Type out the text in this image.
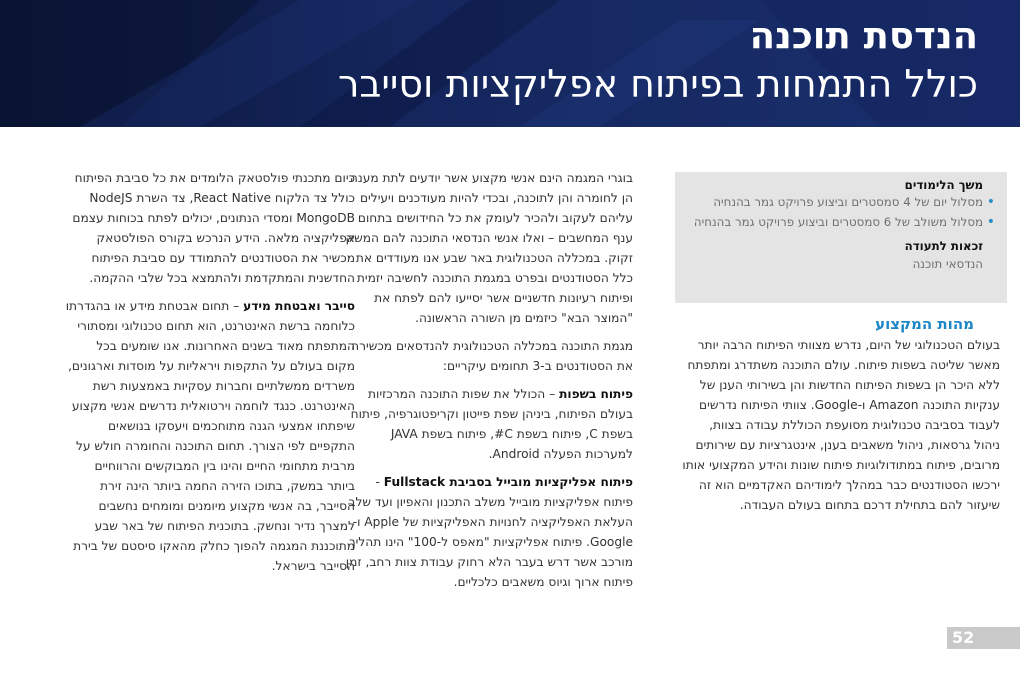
הנדסת תוכנה
כולל התמחות בפיתוח אפליקציות וסייבר
משך הלימודים
•
מסלול יום של 4 סמסטרים וביצוע פרויקט גמר בהנחיה
•
מסלול משולב של 6 סמסטרים וביצוע פרויקט גמר בהנחיה
זכאות לתעודה
הנדסאי תוכנה
מהות המקצוע

בעולם הטכנולוגי של היום, נדרש מצוותי הפיתוח הרבה יותר מאשר שליטה בשפות פיתוח. עולם התוכנה משתדרג ומתפתח ללא היכר הן בשפות הפיתוח החדשות והן בשירותי הענן של ענקיות התוכנה Amazon ו-Google. צוותי הפיתוח נדרשים לעבוד בסביבה טכנולוגית מסועפת הכוללת עבודה בצוות, ניהול גרסאות, ניהול משאבים בענן, אינטגרציות עם שירותים מרובים, פיתוח במתודולוגיות פיתוח שונות והידע המקצועי אותו ירכשו הסטודנטים כבר במהלך לימודיהם האקדמיים הוא זה שיעזור להם בתחילת דרכם בתחום בעולם העבודה.

בוגרי המגמה הינם אנשי מקצוע אשר יודעים לתת מענה הן לחומרה והן לתוכנה, ובכדי להיות מעודכנים ויעילים עליהם לעקוב ולהכיר לעומק את כל החידושים בתחום ענף המחשבים – ואלו אנשי הנדסאי התוכנה להם המשק זקוק. במכללה הטכנולוגית באר שבע אנו מעודדים את כלל הסטודנטים ובפרט במגמת התוכנה לחשיבה יזמית ופיתוח רעיונות חדשניים אשר יסייעו להם לפתח את "המוצר הבא" כיזמים מן השורה הראשונה.

מגמת התוכנה במכללה הטכנולוגית להנדסאים מכשירה את הסטודנטים ב-3 תחומים עיקריים:

פיתוח בשפות – הכולל את שפות התוכנה המרכזיות בעולם הפיתוח, ביניהן שפת פייטון וקריפטוגרפיה, פיתוח בשפת C, פיתוח בשפת C#, פיתוח בשפת JAVA למערכות הפעלה Android.

פיתוח אפליקציות מובייל בסביבת Fullstack - פיתוח אפליקציות מובייל משלב התכנון והאפיון ועד שלב העלאת האפליקציה לחנויות האפליקציות של Apple ו-Google. פיתוח אפליקציות "מאפס ל-100" הינו תהליך מורכב אשר דרש בעבר הלא רחוק עבודת צוות רחב, זמן פיתוח ארוך וגיוס משאבים כלכליים.

כיום מתכנתי פולסטאק הלומדים את כל סביבת הפיתוח כולל צד הלקוח React Native, צד השרת NodeJS MongoDB ומסדי הנתונים, יכולים לפתח בכוחות עצמם אפליקציה מלאה. הידע הנרכש בקורס הפולסטאק מכשיר את הסטודנטים להתמודד עם סביבת הפיתוח החדשנית והמתקדמת ולהתמצא בכל שלבי ההקמה.

סייבר ואבטחת מידע – תחום אבטחת מידע או בהגדרתו כלוחמה ברשת האינטרנט, הוא תחום טכנולוגי ומסתורי המתפתח מאוד בשנים האחרונות. אנו שומעים בכל מקום בעולם על התקפות ויראליות על מוסדות וארגונים, משרדים ממשלתיים וחברות עסקיות באמצעות רשת האינטרנט. כנגד לוחמה וירטואלית נדרשים אנשי מקצוע שיפתחו אמצעי הגנה מתוחכמים ויעסקו בנושאים התקפיים לפי הצורך. תחום התוכנה והחומרה חולש על מרבית מתחומי החיים והינו בין המבוקשים והרווחיים ביותר במשק, בתוכו הזירה החמה ביותר הינה זירת הסייבר, בה אנשי מקצוע מיומנים ומומחים נחשבים למצרך נדיר ונחשק. בתוכנית הפיתוח של באר שבע מתוכננת המגמה להפוך כחלק מהאקו סיסטם של בירת הסייבר בישראל.

52
